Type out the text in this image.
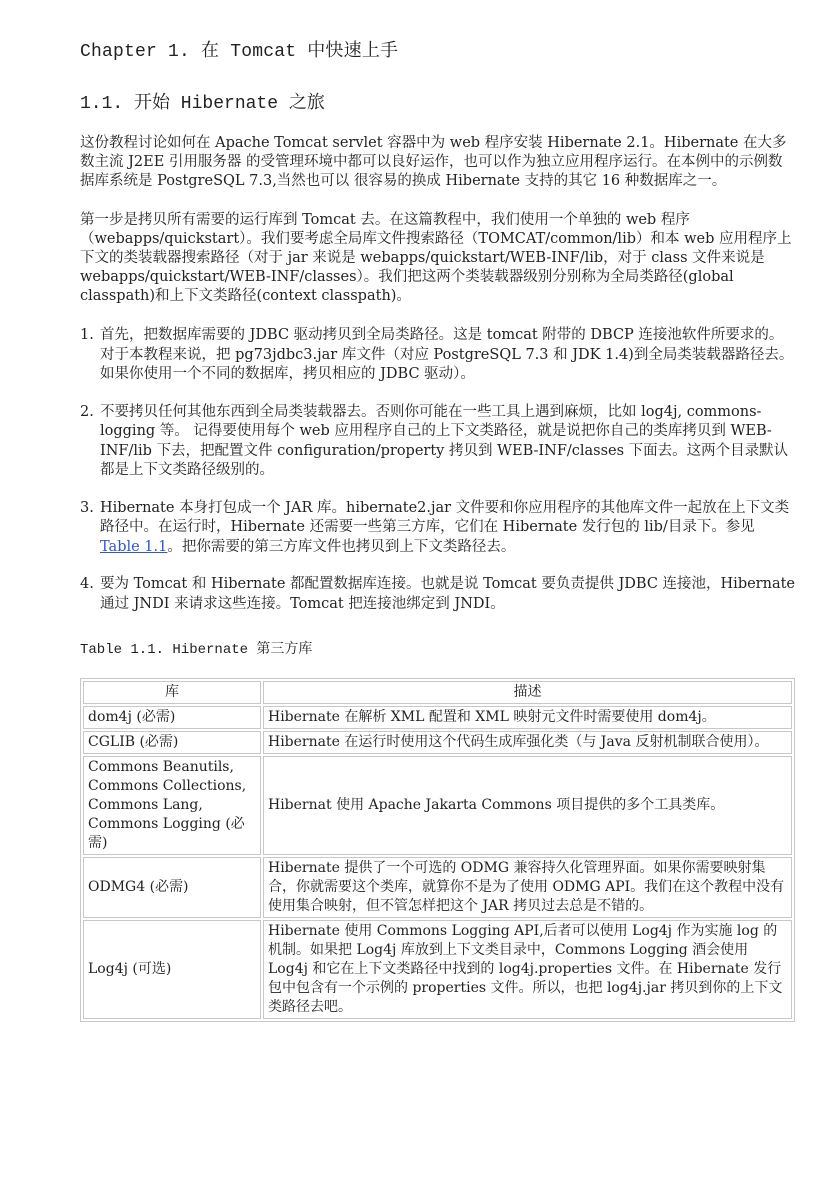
Chapter 1. 在 Tomcat 中快速上手
1.1. 开始 Hibernate 之旅

这份教程讨论如何在 Apache Tomcat servlet 容器中为 web 程序安装 Hibernate 2.1。Hibernate 在大多数主流 J2EE 引用服务器 的受管理环境中都可以良好运作，也可以作为独立应用程序运行。在本例中的示例数据库系统是 PostgreSQL 7.3,当然也可以 很容易的换成 Hibernate 支持的其它 16 种数据库之一。

第一步是拷贝所有需要的运行库到 Tomcat 去。在这篇教程中，我们使用一个单独的 web 程序（webapps/quickstart）。我们要考虑全局库文件搜索路径（TOMCAT/common/lib）和本 web 应用程序上下文的类装载器搜索路径（对于 jar 来说是 webapps/quickstart/WEB-INF/lib，对于 class 文件来说是 webapps/quickstart/WEB-INF/classes）。我们把这两个类装载器级别分别称为全局类路径(global classpath)和上下文类路径(context classpath)。

1. 首先，把数据库需要的 JDBC 驱动拷贝到全局类路径。这是 tomcat 附带的 DBCP 连接池软件所要求的。对于本教程来说，把 pg73jdbc3.jar 库文件（对应 PostgreSQL 7.3 和 JDK 1.4)到全局类装载器路径去。如果你使用一个不同的数据库，拷贝相应的 JDBC 驱动）。
2. 不要拷贝任何其他东西到全局类装载器去。否则你可能在一些工具上遇到麻烦，比如 log4j, commons-logging 等。 记得要使用每个 web 应用程序自己的上下文类路径，就是说把你自己的类库拷贝到 WEB-INF/lib 下去，把配置文件 configuration/property 拷贝到 WEB-INF/classes 下面去。这两个目录默认都是上下文类路径级别的。
3. Hibernate 本身打包成一个 JAR 库。hibernate2.jar 文件要和你应用程序的其他库文件一起放在上下文类路径中。在运行时，Hibernate 还需要一些第三方库，它们在 Hibernate 发行包的 lib/目录下。参见 Table 1.1。把你需要的第三方库文件也拷贝到上下文类路径去。
4. 要为 Tomcat 和 Hibernate 都配置数据库连接。也就是说 Tomcat 要负责提供 JDBC 连接池，Hibernate 通过 JNDI 来请求这些连接。Tomcat 把连接池绑定到 JNDI。
Table 1.1. Hibernate 第三方库
库	描述
dom4j (必需)	Hibernate 在解析 XML 配置和 XML 映射元文件时需要使用 dom4j。
CGLIB (必需)	Hibernate 在运行时使用这个代码生成库强化类（与 Java 反射机制联合使用）。
Commons Beanutils, Commons Collections, Commons Lang, Commons Logging (必需)	Hibernat 使用 Apache Jakarta Commons 项目提供的多个工具类库。
ODMG4 (必需)	Hibernate 提供了一个可选的 ODMG 兼容持久化管理界面。如果你需要映射集合，你就需要这个类库，就算你不是为了使用 ODMG API。我们在这个教程中没有使用集合映射，但不管怎样把这个 JAR 拷贝过去总是不错的。
Log4j (可选)	Hibernate 使用 Commons Logging API,后者可以使用 Log4j 作为实施 log 的机制。如果把 Log4j 库放到上下文类目录中，Commons Logging 酒会使用 Log4j 和它在上下文类路径中找到的 log4j.properties 文件。在 Hibernate 发行包中包含有一个示例的 properties 文件。所以，也把 log4j.jar 拷贝到你的上下文类路径去吧。
